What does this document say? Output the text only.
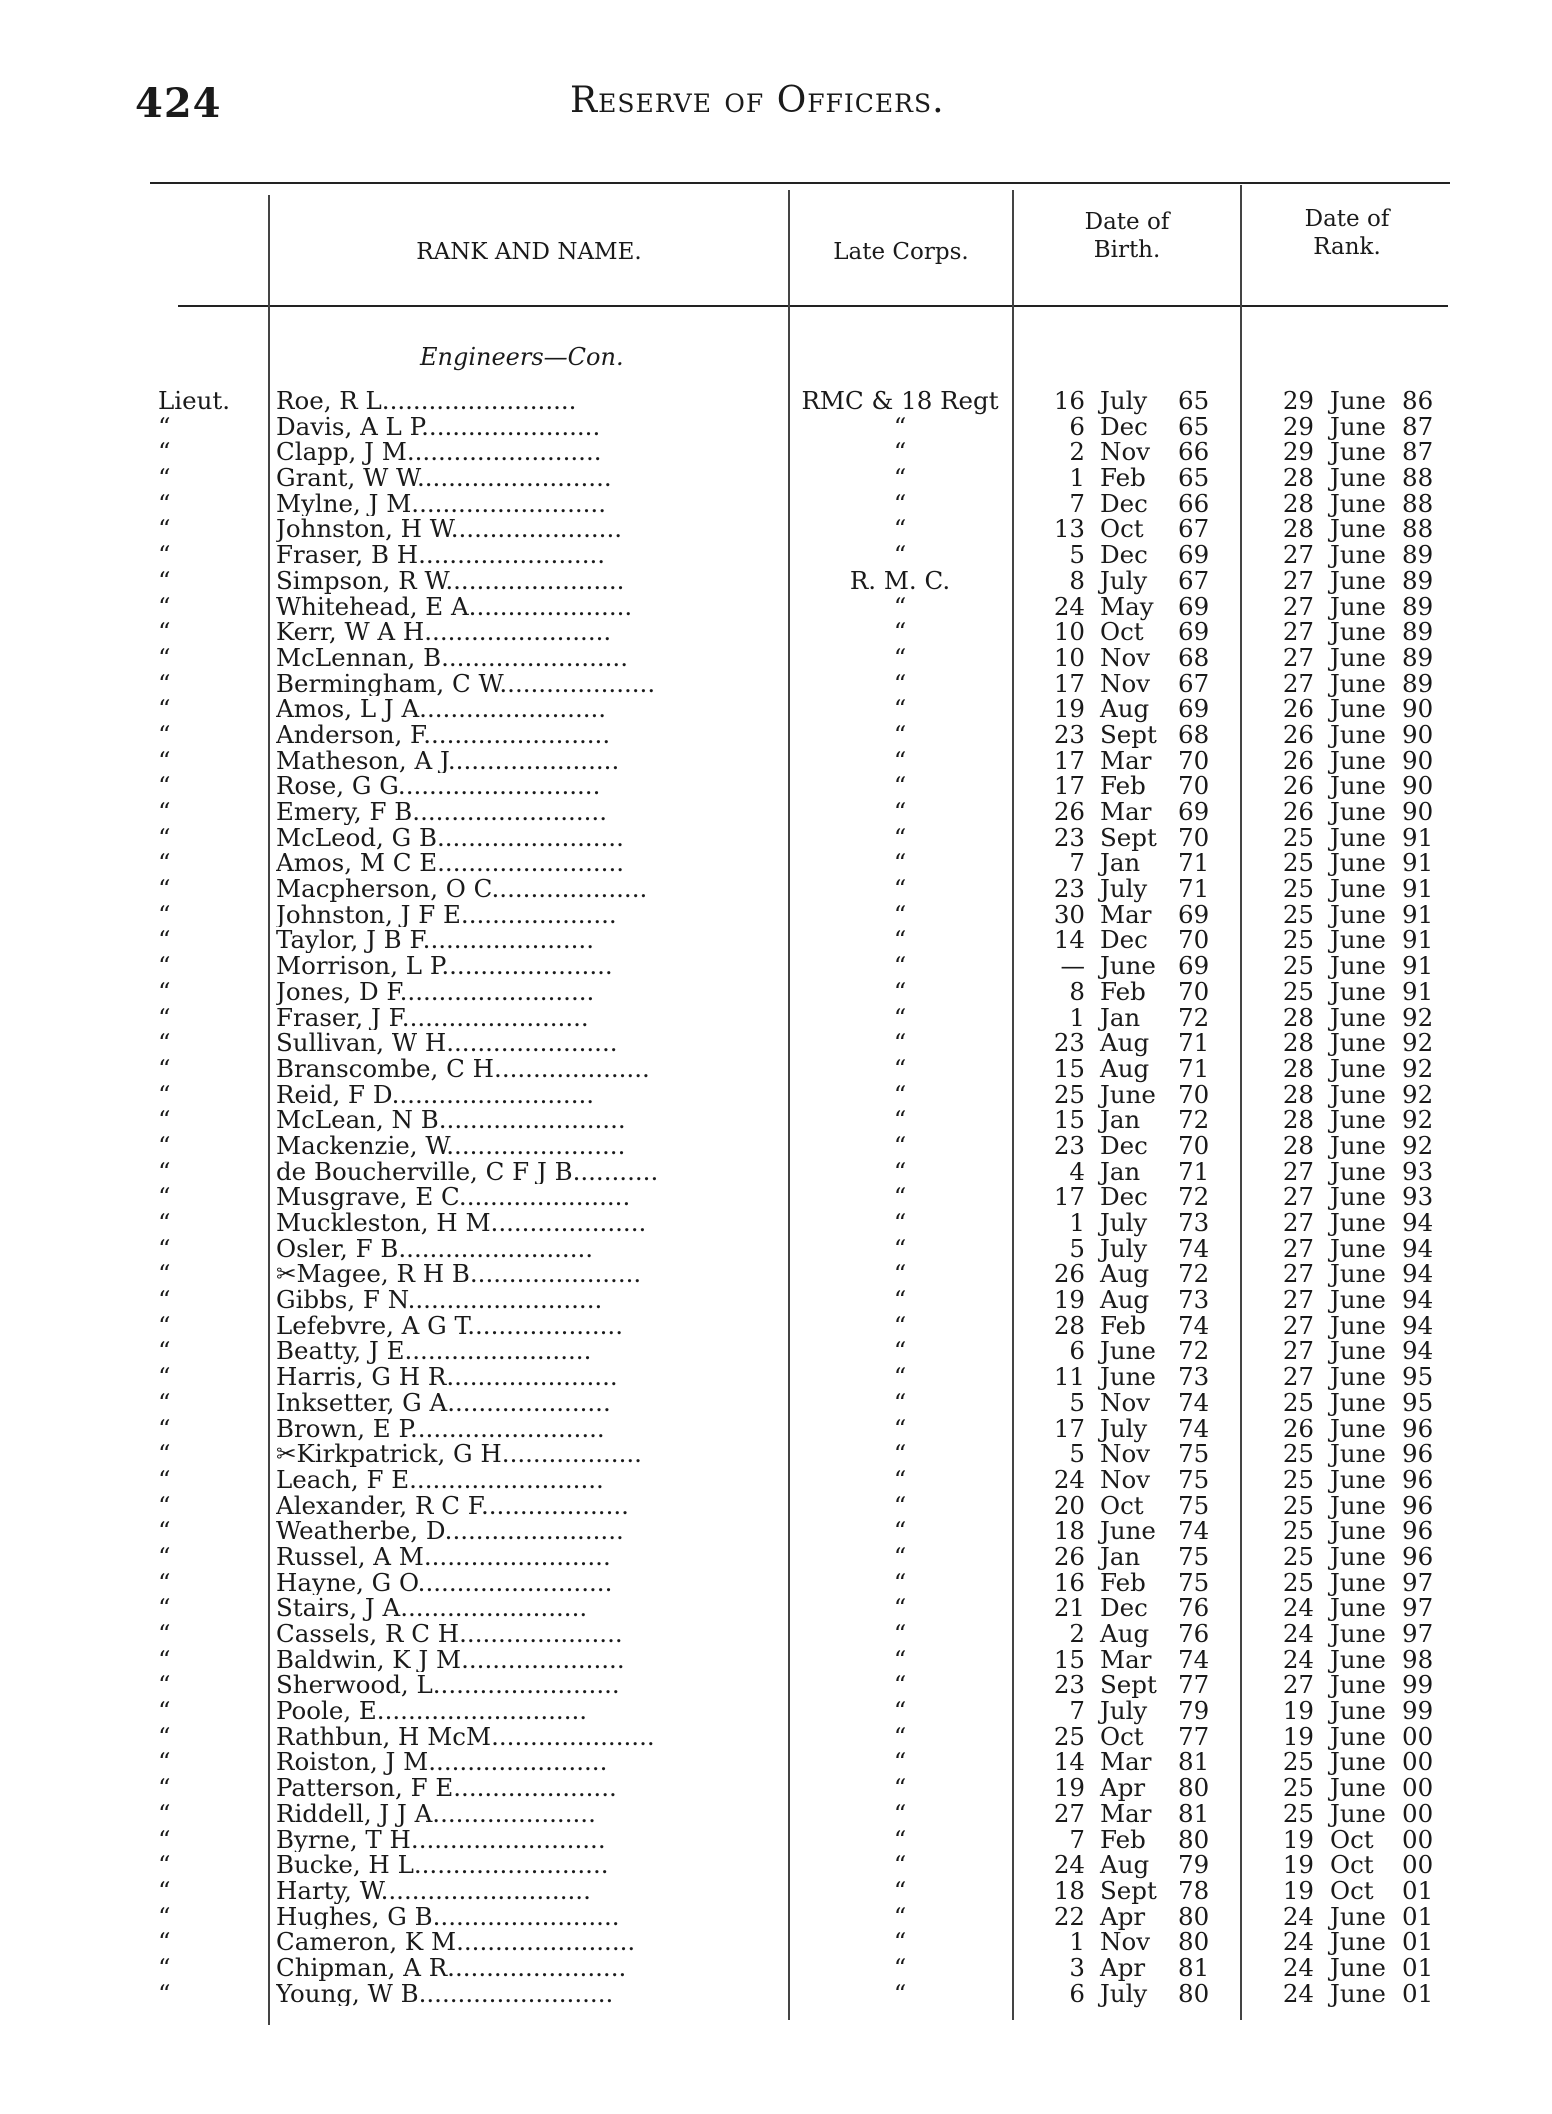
424	Reserve of Officers.
RANK AND NAME.	Late Corps.
Date of
Birth.
Date of
Rank.
Engineers—Con.
Lieut. Roe, R L.........................	RMC & 18 Regt	16 July 65	29 June 86
“	Davis, A L P.......................	“	6 Dec 65	29 June 87
“	Clapp, J M.........................	“	2 Nov 66	29 June 87
“	Grant, W W.........................	“	1 Feb 65	28 June 88
“	Mylne, J M.........................	“	7 Dec 66	28 June 88
“	Johnston, H W......................	“	13 Oct 67	28 June 88
“	Fraser, B H........................	“	5 Dec 69	27 June 89
“	Simpson, R W.......................	R. M. C.	8 July 67	27 June 89
“	Whitehead, E A.....................	“	24 May 69	27 June 89
“	Kerr, W A H........................	“	10 Oct 69	27 June 89
“	McLennan, B........................	“	10 Nov 68	27 June 89
“	Bermingham, C W....................	“	17 Nov 67	27 June 89
“	Amos, L J A........................	“	19 Aug 69	26 June 90
“	Anderson, F........................	“	23 Sept 68	26 June 90
“	Matheson, A J......................	“	17 Mar 70	26 June 90
“	Rose, G G..........................	“	17 Feb 70	26 June 90
“	Emery, F B.........................	“	26 Mar 69	26 June 90
“	McLeod, G B........................	“	23 Sept 70	25 June 91
“	Amos, M C E........................	“	7 Jan 71	25 June 91
“	Macpherson, O C....................	“	23 July 71	25 June 91
“	Johnston, J F E....................	“	30 Mar 69	25 June 91
“	Taylor, J B F......................	“	14 Dec 70	25 June 91
“	Morrison, L P......................	“	— June 69	25 June 91
“	Jones, D F.........................	“	8 Feb 70	25 June 91
“	Fraser, J F........................	“	1 Jan 72	28 June 92
“	Sullivan, W H......................	“	23 Aug 71	28 June 92
“	Branscombe, C H....................	“	15 Aug 71	28 June 92
“	Reid, F D..........................	“	25 June 70	28 June 92
“	McLean, N B........................	“	15 Jan 72	28 June 92
“	Mackenzie, W.......................	“	23 Dec 70	28 June 92
“	de Boucherville, C F J B...........	“	4 Jan 71	27 June 93
“	Musgrave, E C......................	“	17 Dec 72	27 June 93
“	Muckleston, H M....................	“	1 July 73	27 June 94
“	Osler, F B.........................	“	5 July 74	27 June 94
“	✂Magee, R H B......................	“	26 Aug 72	27 June 94
“	Gibbs, F N.........................	“	19 Aug 73	27 June 94
“	Lefebvre, A G T....................	“	28 Feb 74	27 June 94
“	Beatty, J E........................	“	6 June 72	27 June 94
“	Harris, G H R......................	“	11 June 73	27 June 95
“	Inksetter, G A.....................	“	5 Nov 74	25 June 95
“	Brown, E P.........................	“	17 July 74	26 June 96
“	✂Kirkpatrick, G H..................	“	5 Nov 75	25 June 96
“	Leach, F E.........................	“	24 Nov 75	25 June 96
“	Alexander, R C F...................	“	20 Oct 75	25 June 96
“	Weatherbe, D.......................	“	18 June 74	25 June 96
“	Russel, A M........................	“	26 Jan 75	25 June 96
“	Hayne, G O.........................	“	16 Feb 75	25 June 97
“	Stairs, J A........................	“	21 Dec 76	24 June 97
“	Cassels, R C H.....................	“	2 Aug 76	24 June 97
“	Baldwin, K J M.....................	“	15 Mar 74	24 June 98
“	Sherwood, L........................	“	23 Sept 77	27 June 99
“	Poole, E...........................	“	7 July 79	19 June 99
“	Rathbun, H McM.....................	“	25 Oct 77	19 June 00
“	Roiston, J M.......................	“	14 Mar 81	25 June 00
“	Patterson, F E.....................	“	19 Apr 80	25 June 00
“	Riddell, J J A.....................	“	27 Mar 81	25 June 00
“	Byrne, T H.........................	“	7 Feb 80	19 Oct 00
“	Bucke, H L.........................	“	24 Aug 79	19 Oct 00
“	Harty, W...........................	“	18 Sept 78	19 Oct 01
“	Hughes, G B........................	“	22 Apr 80	24 June 01
“	Cameron, K M.......................	“	1 Nov 80	24 June 01
“	Chipman, A R.......................	“	3 Apr 81	24 June 01
“	Young, W B.........................	“	6 July 80	24 June 01
